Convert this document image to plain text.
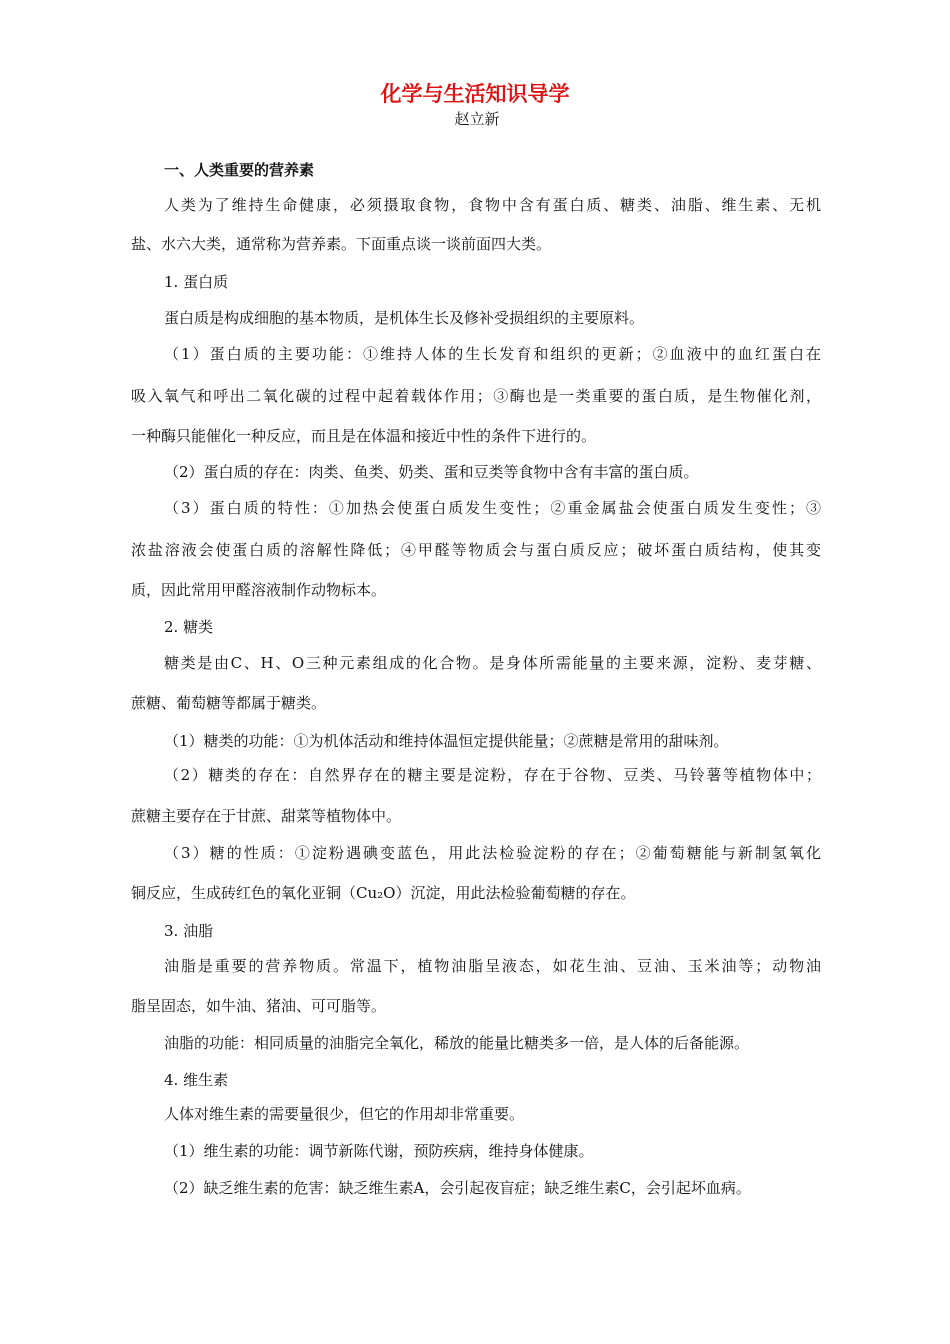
化学与生活知识导学
赵立新
一、人类重要的营养素
人类为了维持生命健康，必须摄取食物，食物中含有蛋白质、糖类、油脂、维生素、无机
盐、水六大类，通常称为营养素。下面重点谈一谈前面四大类。
1. 蛋白质
蛋白质是构成细胞的基本物质，是机体生长及修补受损组织的主要原料。
（1）蛋白质的主要功能：①维持人体的生长发育和组织的更新；②血液中的血红蛋白在
吸入氧气和呼出二氧化碳的过程中起着载体作用；③酶也是一类重要的蛋白质，是生物催化剂，
一种酶只能催化一种反应，而且是在体温和接近中性的条件下进行的。
（2）蛋白质的存在：肉类、鱼类、奶类、蛋和豆类等食物中含有丰富的蛋白质。
（3）蛋白质的特性：①加热会使蛋白质发生变性；②重金属盐会使蛋白质发生变性；③
浓盐溶液会使蛋白质的溶解性降低；④甲醛等物质会与蛋白质反应；破坏蛋白质结构，使其变
质，因此常用甲醛溶液制作动物标本。
2. 糖类
糖类是由C、H、O三种元素组成的化合物。是身体所需能量的主要来源，淀粉、麦芽糖、
蔗糖、葡萄糖等都属于糖类。
（1）糖类的功能：①为机体活动和维持体温恒定提供能量；②蔗糖是常用的甜味剂。
（2）糖类的存在：自然界存在的糖主要是淀粉，存在于谷物、豆类、马铃薯等植物体中；
蔗糖主要存在于甘蔗、甜菜等植物体中。
（3）糖的性质：①淀粉遇碘变蓝色，用此法检验淀粉的存在；②葡萄糖能与新制氢氧化
铜反应，生成砖红色的氧化亚铜（Cu₂O）沉淀，用此法检验葡萄糖的存在。
3. 油脂
油脂是重要的营养物质。常温下，植物油脂呈液态，如花生油、豆油、玉米油等；动物油
脂呈固态，如牛油、猪油、可可脂等。
油脂的功能：相同质量的油脂完全氧化，稀放的能量比糖类多一倍，是人体的后备能源。
4. 维生素
人体对维生素的需要量很少，但它的作用却非常重要。
（1）维生素的功能：调节新陈代谢，预防疾病，维持身体健康。
（2）缺乏维生素的危害：缺乏维生素A，会引起夜盲症；缺乏维生素C，会引起坏血病。
